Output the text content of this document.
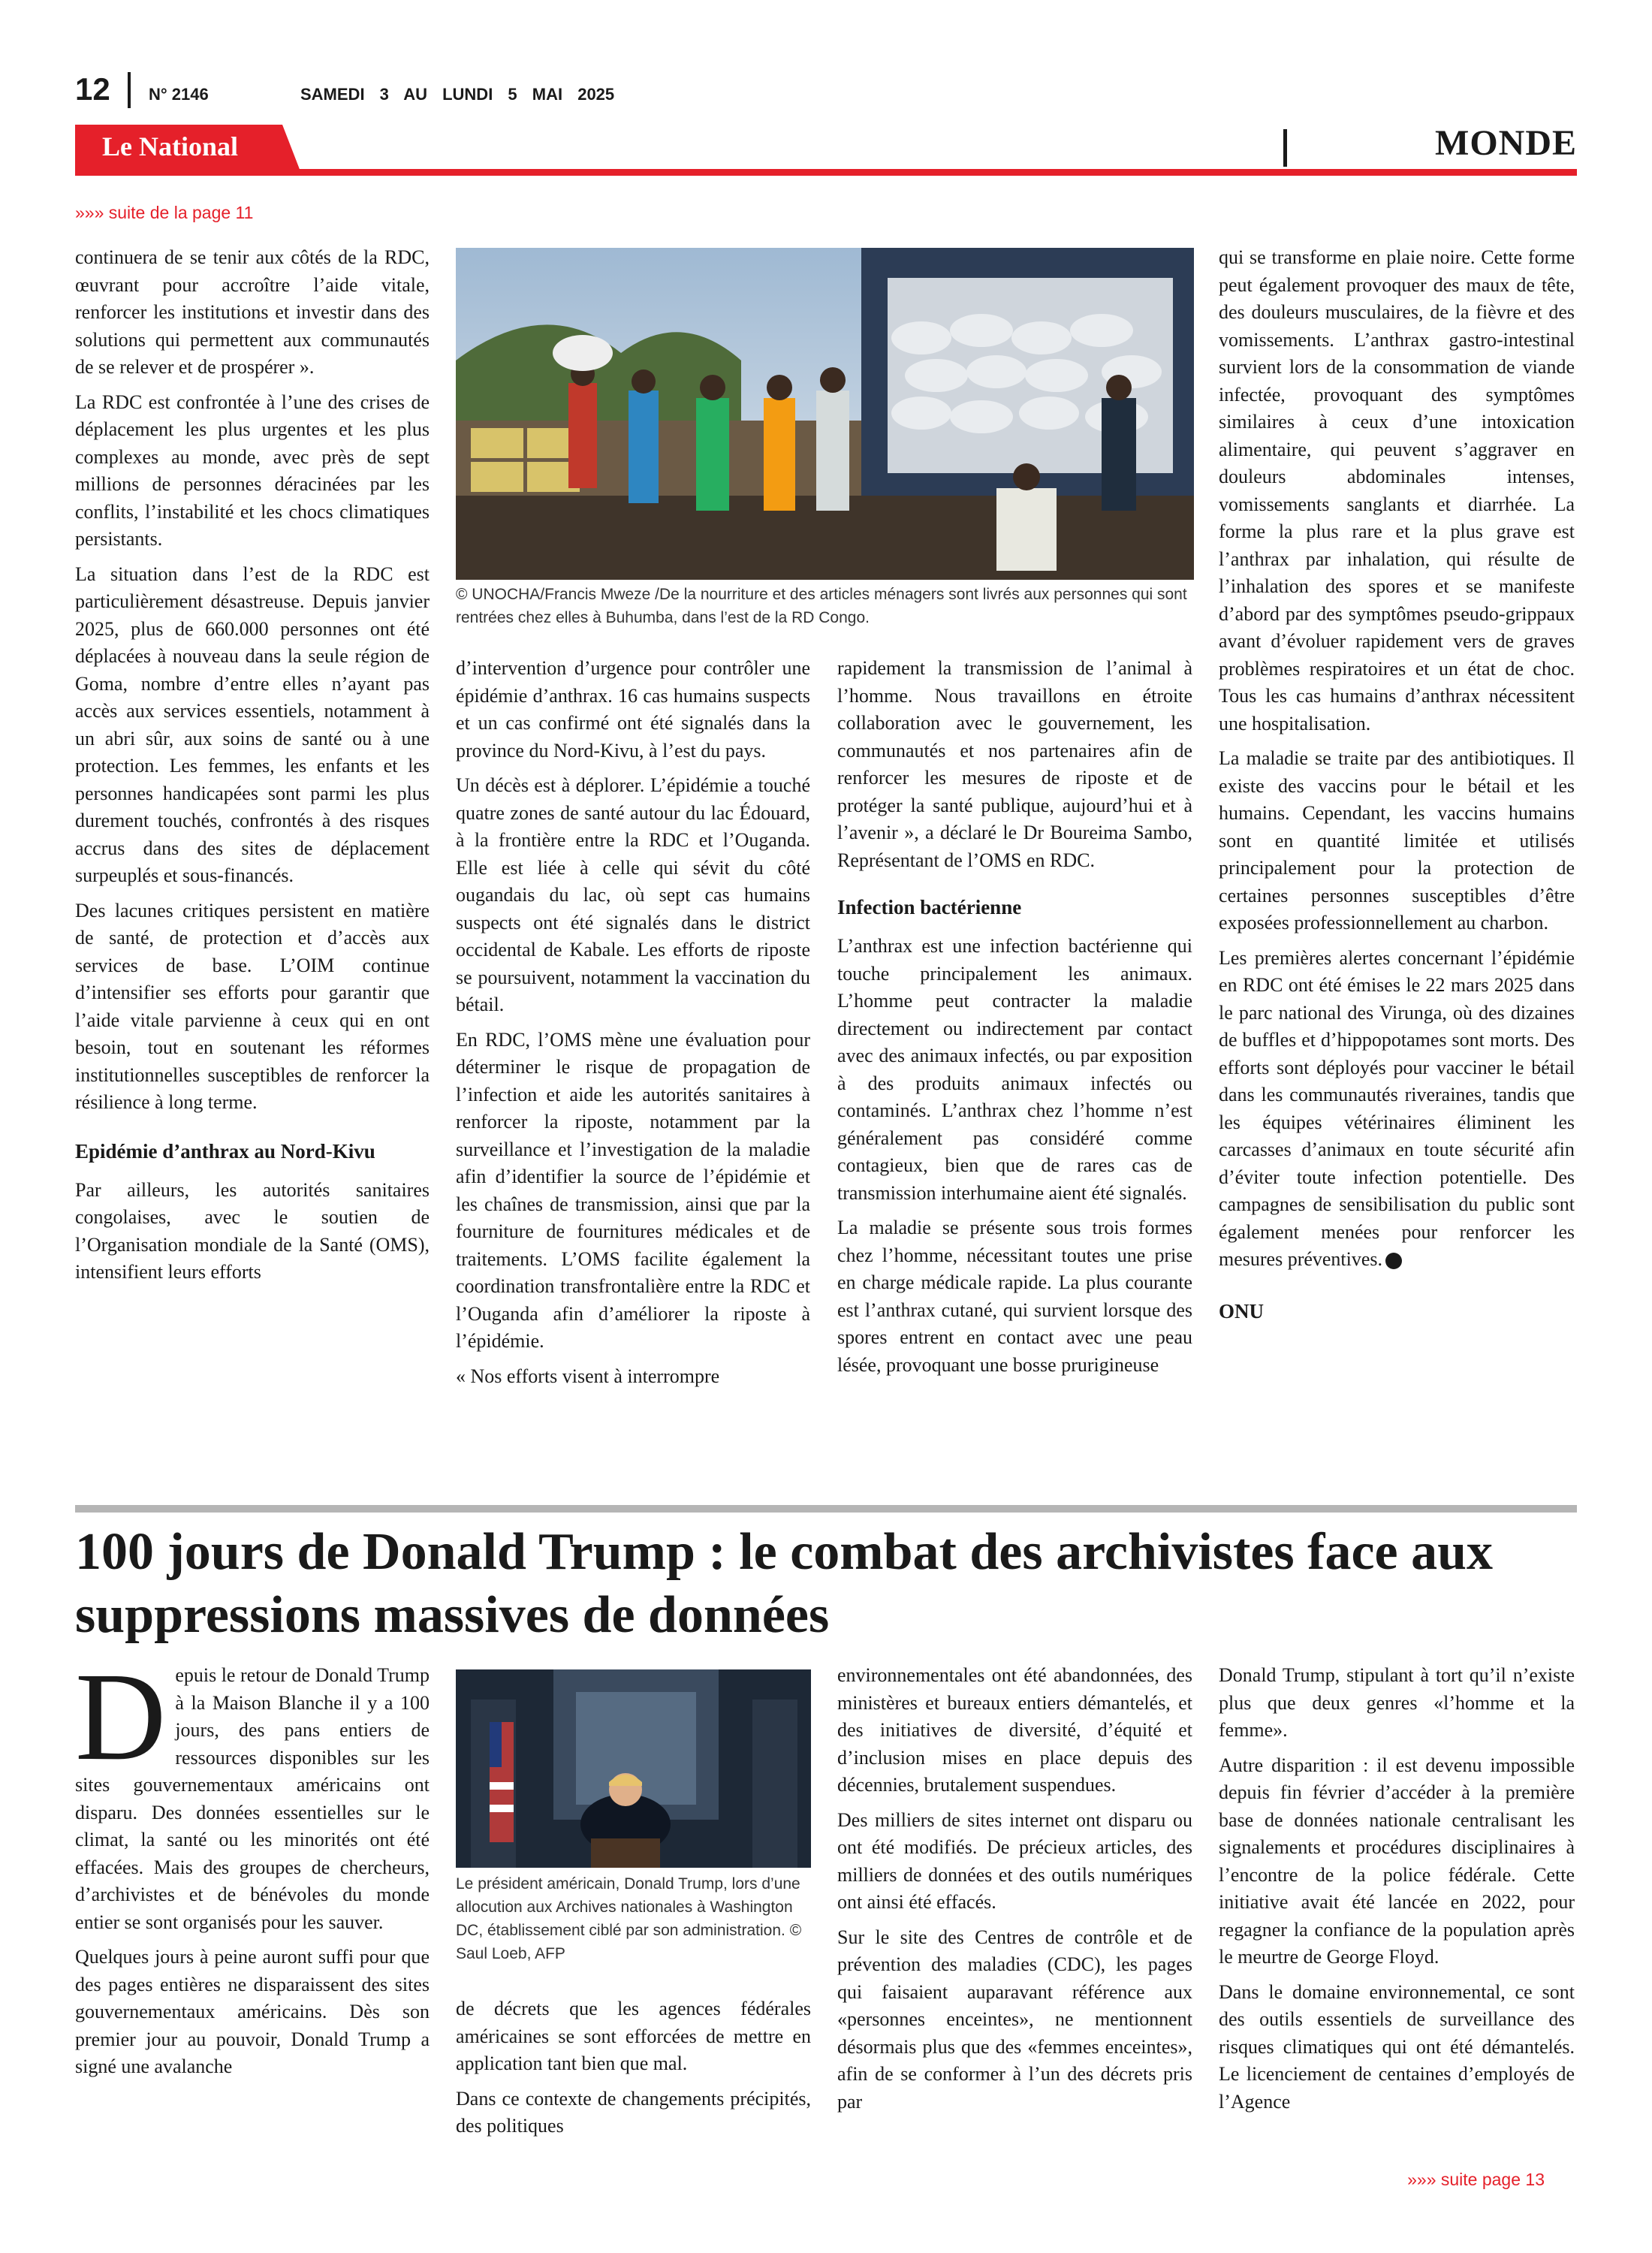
12 N° 2146	SAMEDI 3 AU LUNDI 5 MAI 2025
Le National	MONDE
»»» suite de la page 11

continuera de se tenir aux côtés de la RDC, œuvrant pour accroître l’aide vitale, renforcer les institutions et investir dans des solutions qui permettent aux communautés de se relever et de prospérer ».

La RDC est confrontée à l’une des crises de déplacement les plus urgentes et les plus complexes au monde, avec près de sept millions de personnes déracinées par les conflits, l’instabilité et les chocs climatiques persistants.

La situation dans l’est de la RDC est particulièrement désastreuse. Depuis janvier 2025, plus de 660.000 personnes ont été déplacées à nouveau dans la seule région de Goma, nombre d’entre elles n’ayant pas accès aux services essentiels, notamment à un abri sûr, aux soins de santé ou à une protection. Les femmes, les enfants et les personnes handicapées sont parmi les plus durement touchés, confrontés à des risques accrus dans des sites de déplacement surpeuplés et sous-financés.

Des lacunes critiques persistent en matière de santé, de protection et d’accès aux services de base. L’OIM continue d’intensifier ses efforts pour garantir que l’aide vitale parvienne à ceux qui en ont besoin, tout en soutenant les réformes institutionnelles susceptibles de renforcer la résilience à long terme.

Epidémie d’anthrax au Nord-Kivu

Par ailleurs, les autorités sanitaires congolaises, avec le soutien de l’Organisation mondiale de la Santé (OMS), intensifient leurs efforts

© UNOCHA/Francis Mweze /De la nourriture et des articles ménagers sont livrés aux personnes qui sont rentrées chez elles à Buhumba, dans l’est de la RD Congo.

d’intervention d’urgence pour contrôler une épidémie d’anthrax. 16 cas humains suspects et un cas confirmé ont été signalés dans la province du Nord-Kivu, à l’est du pays.

Un décès est à déplorer. L’épidémie a touché quatre zones de santé autour du lac Édouard, à la frontière entre la RDC et l’Ouganda. Elle est liée à celle qui sévit du côté ougandais du lac, où sept cas humains suspects ont été signalés dans le district occidental de Kabale. Les efforts de riposte se poursuivent, notamment la vaccination du bétail.

En RDC, l’OMS mène une évaluation pour déterminer le risque de propagation de l’infection et aide les autorités sanitaires à renforcer la riposte, notamment par la surveillance et l’investigation de la maladie afin d’identifier la source de l’épidémie et les chaînes de transmission, ainsi que par la fourniture de fournitures médicales et de traitements. L’OMS facilite également la coordination transfrontalière entre la RDC et l’Ouganda afin d’améliorer la riposte à l’épidémie.

« Nos efforts visent à interrompre

rapidement la transmission de l’animal à l’homme. Nous travaillons en étroite collaboration avec le gouvernement, les communautés et nos partenaires afin de renforcer les mesures de riposte et de protéger la santé publique, aujourd’hui et à l’avenir », a déclaré le Dr Boureima Sambo, Représentant de l’OMS en RDC.

Infection bactérienne

L’anthrax est une infection bactérienne qui touche principalement les animaux. L’homme peut contracter la maladie directement ou indirectement par contact avec des animaux infectés, ou par exposition à des produits animaux infectés ou contaminés. L’anthrax chez l’homme n’est généralement pas considéré comme contagieux, bien que de rares cas de transmission interhumaine aient été signalés.

La maladie se présente sous trois formes chez l’homme, nécessitant toutes une prise en charge médicale rapide. La plus courante est l’anthrax cutané, qui survient lorsque des spores entrent en contact avec une peau lésée, provoquant une bosse prurigineuse

qui se transforme en plaie noire. Cette forme peut également provoquer des maux de tête, des douleurs musculaires, de la fièvre et des vomissements. L’anthrax gastro-intestinal survient lors de la consommation de viande infectée, provoquant des symptômes similaires à ceux d’une intoxication alimentaire, qui peuvent s’aggraver en douleurs abdominales intenses, vomissements sanglants et diarrhée. La forme la plus rare et la plus grave est l’anthrax par inhalation, qui résulte de l’inhalation des spores et se manifeste d’abord par des symptômes pseudo-grippaux avant d’évoluer rapidement vers de graves problèmes respiratoires et un état de choc. Tous les cas humains d’anthrax nécessitent une hospitalisation.

La maladie se traite par des antibiotiques. Il existe des vaccins pour le bétail et les humains. Cependant, les vaccins humains sont en quantité limitée et utilisés principalement pour la protection de certaines personnes susceptibles d’être exposées professionnellement au charbon.

Les premières alertes concernant l’épidémie en RDC ont été émises le 22 mars 2025 dans le parc national des Virunga, où des dizaines de buffles et d’hippopotames sont morts. Des efforts sont déployés pour vacciner le bétail dans les communautés riveraines, tandis que les équipes vétérinaires éliminent les carcasses d’animaux en toute sécurité afin d’éviter toute infection potentielle. Des campagnes de sensibilisation du public sont également menées pour renforcer les mesures préventives.

ONU
100 jours de Donald Trump : le combat des archivistes face aux suppressions massives de données

Depuis le retour de Donald Trump à la Maison Blanche il y a 100 jours, des pans entiers de ressources disponibles sur les sites gouvernementaux américains ont disparu. Des données essentielles sur le climat, la santé ou les minorités ont été effacées. Mais des groupes de chercheurs, d’archivistes et de bénévoles du monde entier se sont organisés pour les sauver.

Quelques jours à peine auront suffi pour que des pages entières ne disparaissent des sites gouvernementaux américains. Dès son premier jour au pouvoir, Donald Trump a signé une avalanche

Le président américain, Donald Trump, lors d’une allocution aux Archives nationales à Washington DC, établissement ciblé par son administration. © Saul Loeb, AFP

de décrets que les agences fédérales américaines se sont efforcées de mettre en application tant bien que mal.

Dans ce contexte de changements précipités, des politiques

environnementales ont été abandonnées, des ministères et bureaux entiers démantelés, et des initiatives de diversité, d’équité et d’inclusion mises en place depuis des décennies, brutalement suspendues.

Des milliers de sites internet ont disparu ou ont été modifiés. De précieux articles, des milliers de données et des outils numériques ont ainsi été effacés.

Sur le site des Centres de contrôle et de prévention des maladies (CDC), les pages qui faisaient auparavant référence aux «personnes enceintes», ne mentionnent désormais plus que des «femmes enceintes», afin de se conformer à l’un des décrets pris par

Donald Trump, stipulant à tort qu’il n’existe plus que deux genres «l’homme et la femme».

Autre disparition : il est devenu impossible depuis fin février d’accéder à la première base de données nationale centralisant les signalements et procédures disciplinaires à l’encontre de la police fédérale. Cette initiative avait été lancée en 2022, pour regagner la confiance de la population après le meurtre de George Floyd.

Dans le domaine environnemental, ce sont des outils essentiels de surveillance des risques climatiques qui ont été démantelés. Le licenciement de centaines d’employés de l’Agence

»»» suite page 13
